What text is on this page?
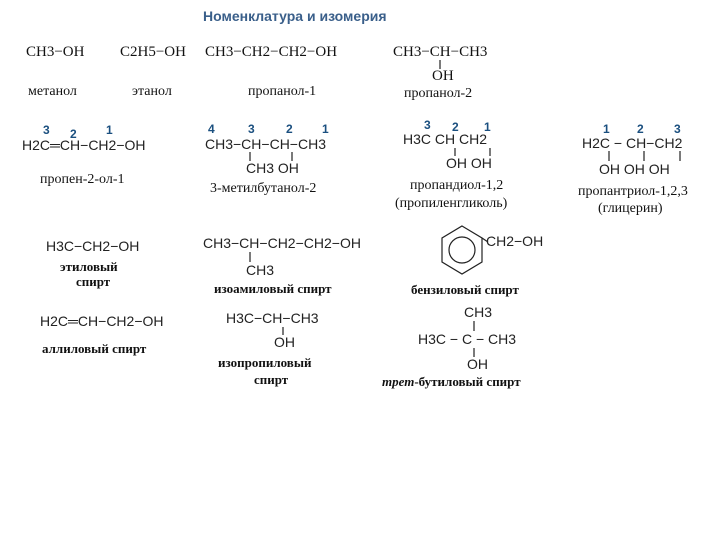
Номенклатура и изомерия
CH3−OH
метанол
C2H5−OH
этанол
CH3−CH2−CH2−OH
пропанол-1
CH3−CH−CH3
OH
пропанол-2
3 2 1
H2C═CH−CH2−OH
пропен-2-ол-1
4	3	2 1
CH3−CH−CH−CH3
CH3 OH
3-метилбутанол-2
3 2 1
H3C CH CH2
OH OH
пропандиол-1,2
(пропиленгликоль)
1 2	3
H2C − CH−CH2
OH OH OH
пропантриол-1,2,3
(глицерин)
H3C−CH2−OH
этиловый
спирт
CH3−CH−CH2−CH2−OH
CH3
изоамиловый спирт
CH2−OH
бензиловый спирт
H2C═CH−CH2−OH
аллиловый спирт
H3C−CH−CH3
OH
изопропиловый
спирт
CH3
H3C − C − CH3
OH
трет-бутиловый спирт
